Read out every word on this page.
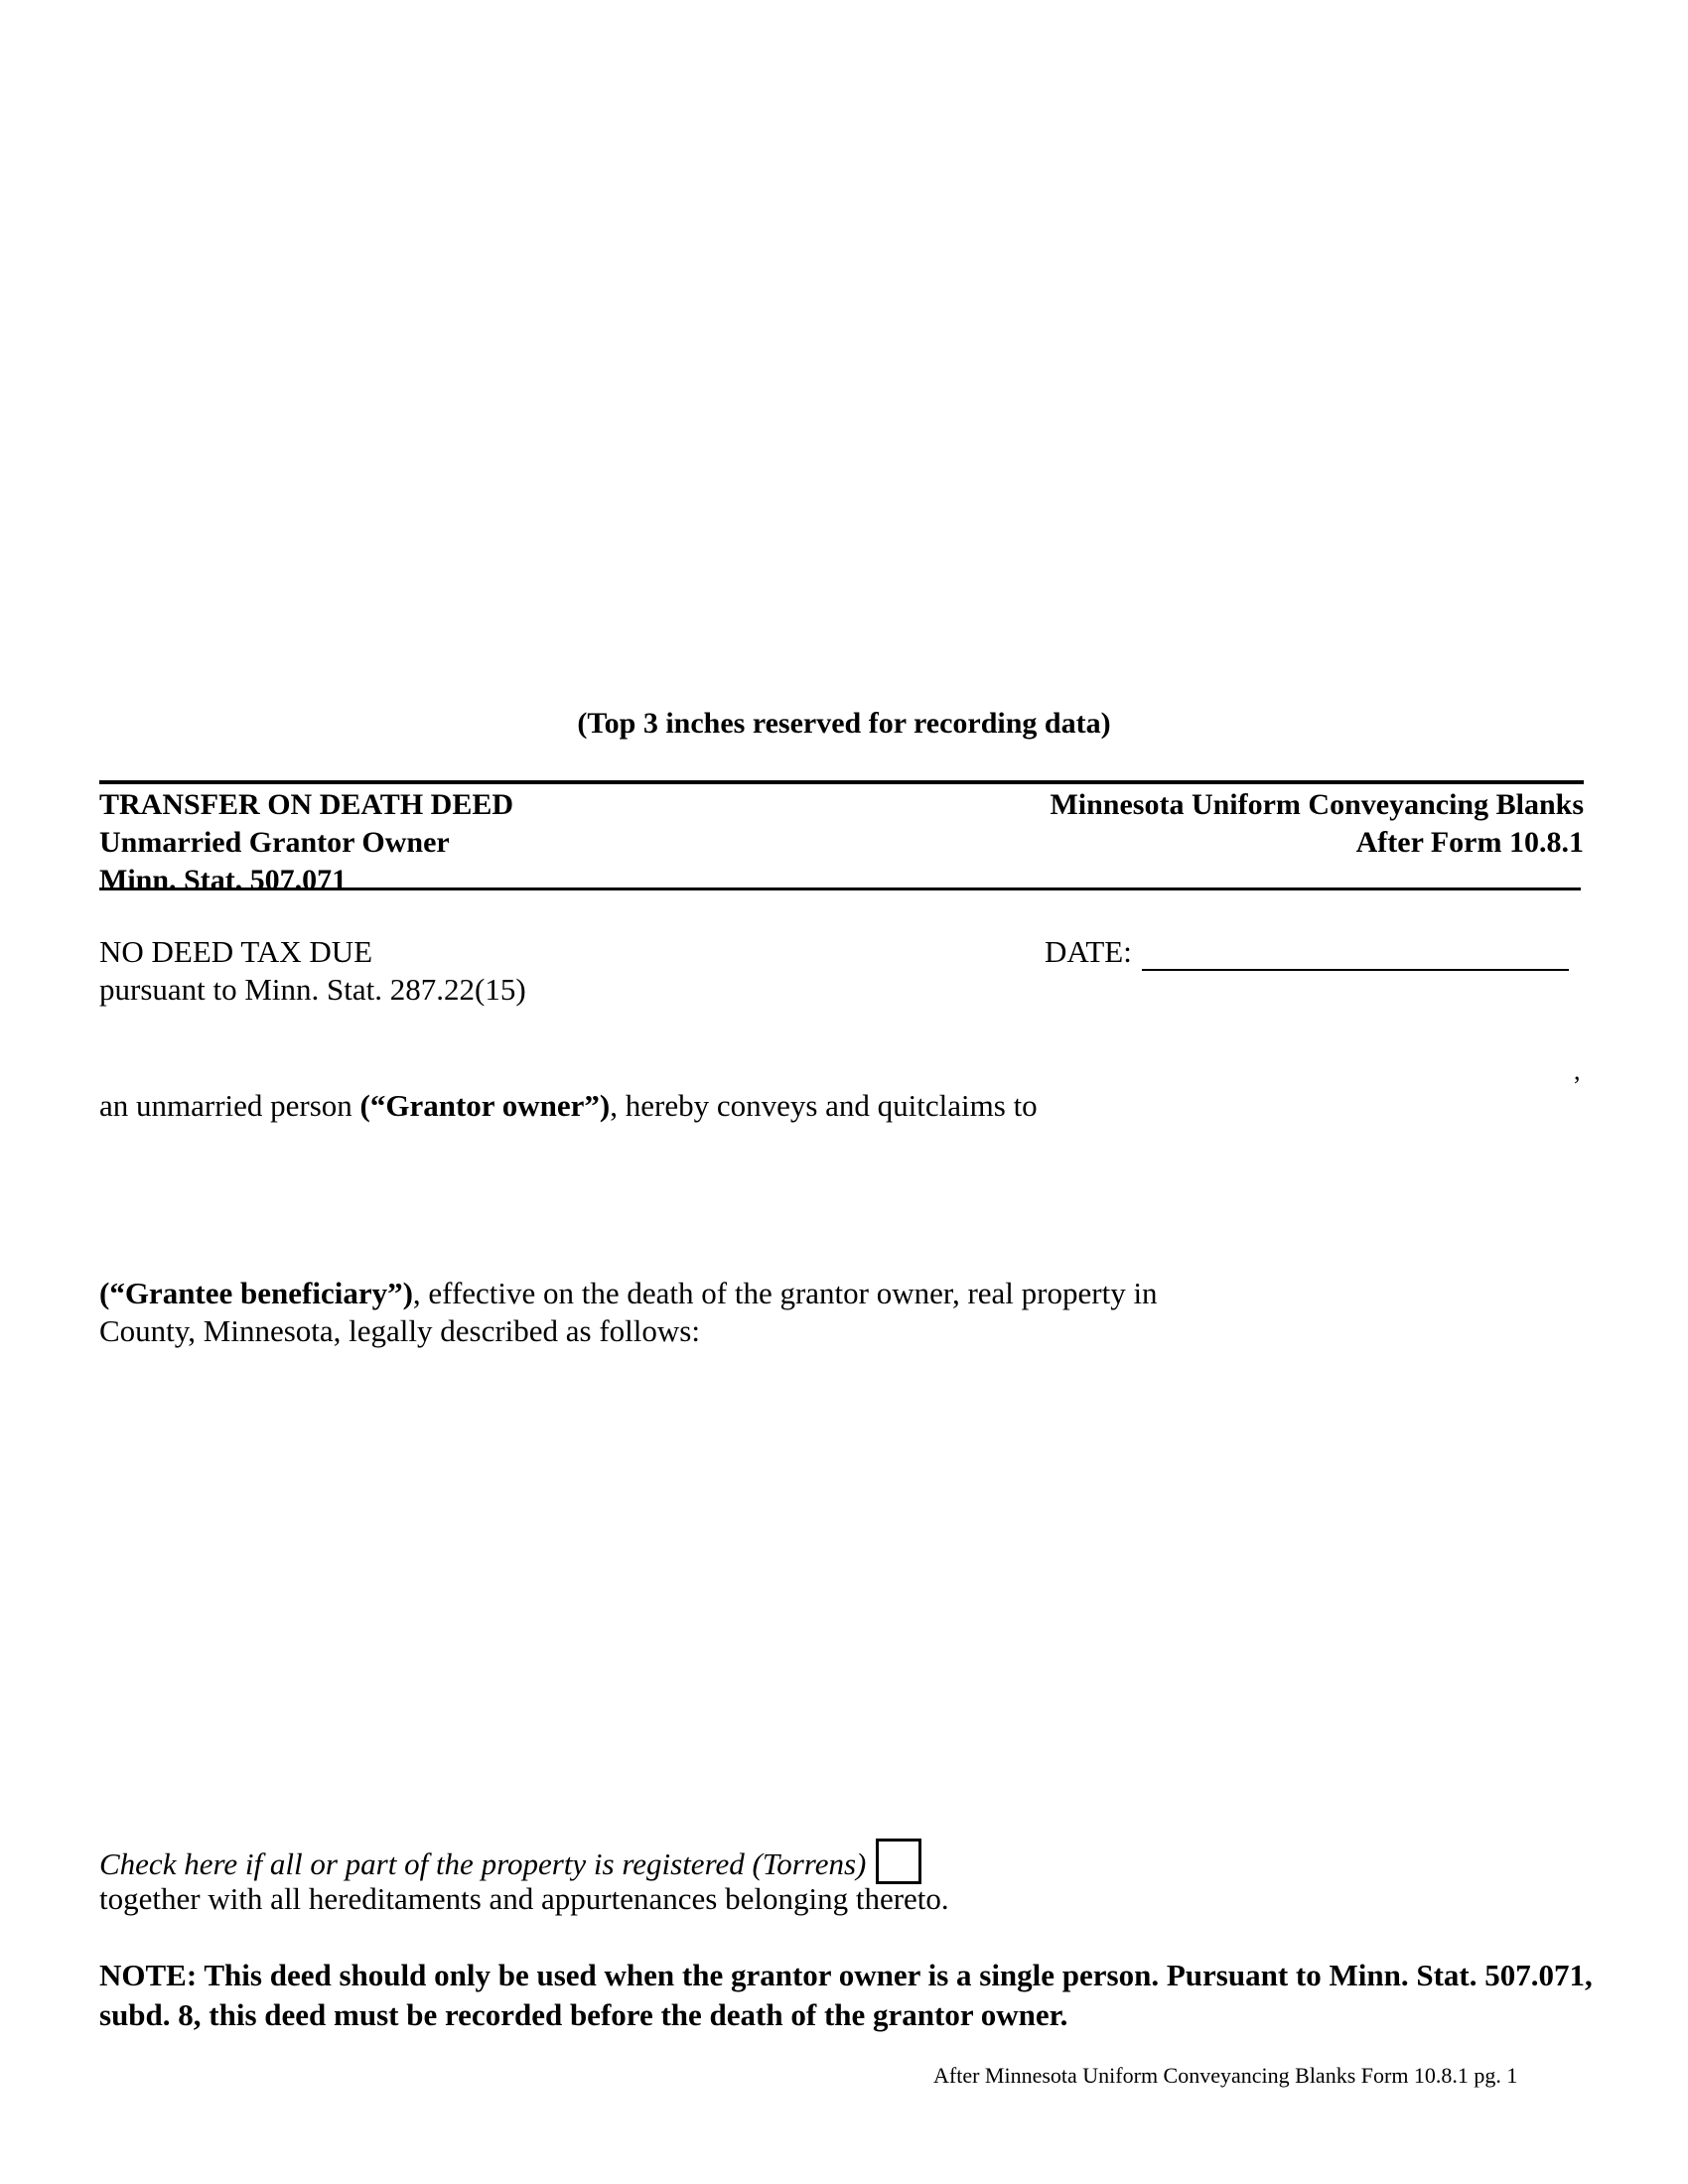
(Top 3 inches reserved for recording data)
TRANSFER ON DEATH DEED
Unmarried Grantor Owner
Minn. Stat. 507.071
Minnesota Uniform Conveyancing Blanks
After Form 10.8.1
NO DEED TAX DUE
pursuant to Minn. Stat. 287.22(15)
DATE:
,
an unmarried person (“Grantor owner”), hereby conveys and quitclaims to
(“Grantee beneficiary”), effective on the death of the grantor owner, real property in
County, Minnesota, legally described as follows:
Check here if all or part of the property is registered (Torrens)
together with all hereditaments and appurtenances belonging thereto.
NOTE: This deed should only be used when the grantor owner is a single person. Pursuant to Minn. Stat. 507.071, subd. 8, this deed must be recorded before the death of the grantor owner.
After Minnesota Uniform Conveyancing Blanks Form 10.8.1 pg. 1
